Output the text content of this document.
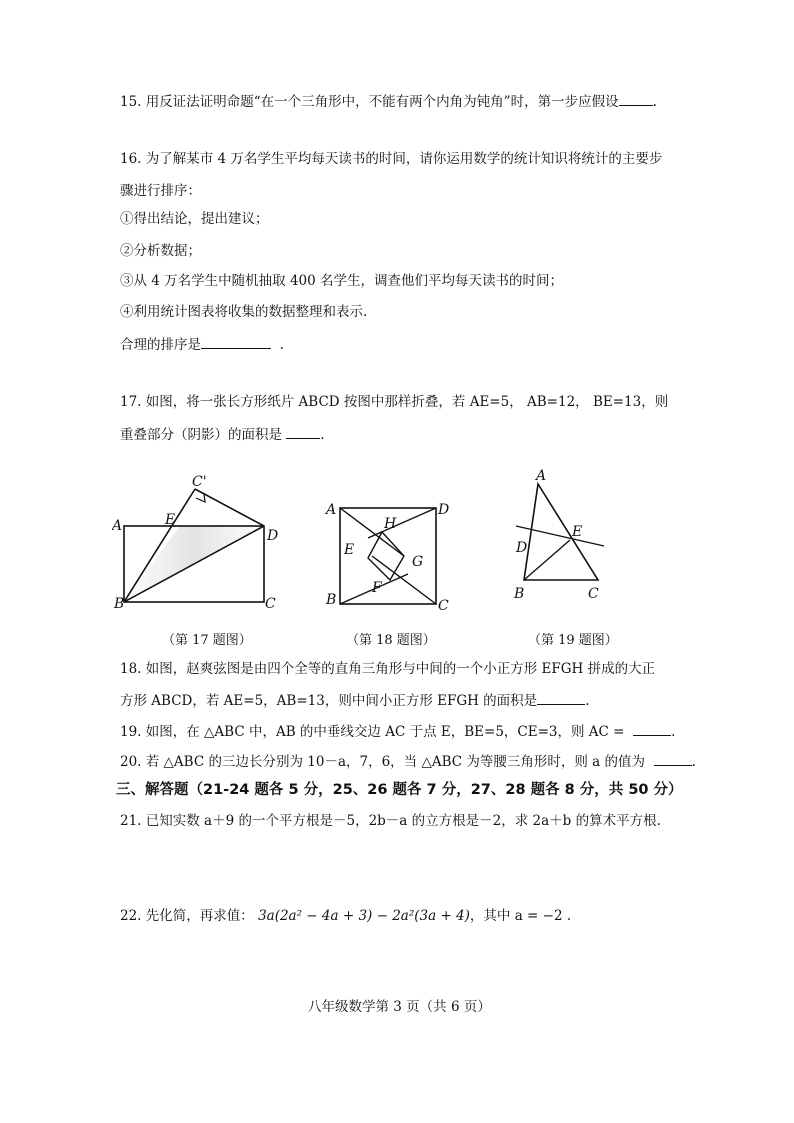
15. 用反证法证明命题“在一个三角形中，不能有两个内角为钝角”时，第一步应假设	.
16. 为了解某市 4 万名学生平均每天读书的时间，请你运用数学的统计知识将统计的主要步
骤进行排序：
①得出结论，提出建议；
②分析数据；
③从 4 万名学生中随机抽取 400 名学生，调查他们平均每天读书的时间；
④利用统计图表将收集的数据整理和表示.
合理的排序是	.
17. 如图，将一张长方形纸片 ABCD 按图中那样折叠，若 AE=5， AB=12， BE=13，则
重叠部分（阴影）的面积是	.
C'
A	E
D
B	C
（第 17 题图）
A
H
D
E
G
B
F
C
（第 18 题图）
A
E
D
B	C
（第 19 题图）
18. 如图，赵爽弦图是由四个全等的直角三角形与中间的一个小正方形 EFGH 拼成的大正
方形 ABCD，若 AE=5，AB=13，则中间小正方形 EFGH 的面积是	.
19. 如图，在 △ABC 中，AB 的中垂线交边 AC 于点 E，BE=5，CE=3，则 AC =	.
20. 若 △ABC 的三边长分别为 10－a，7，6，当 △ABC 为等腰三角形时，则 a 的值为	.
三、解答题（21-24 题各 5 分，25、26 题各 7 分，27、28 题各 8 分，共 50 分）
21. 已知实数 a＋9 的一个平方根是－5，2b－a 的立方根是－2，求 2a＋b 的算术平方根.
22. 先化简，再求值： 3a(2a² − 4a + 3) − 2a²(3a + 4)，其中 a = −2 .
八年级数学第 3 页（共 6 页）
